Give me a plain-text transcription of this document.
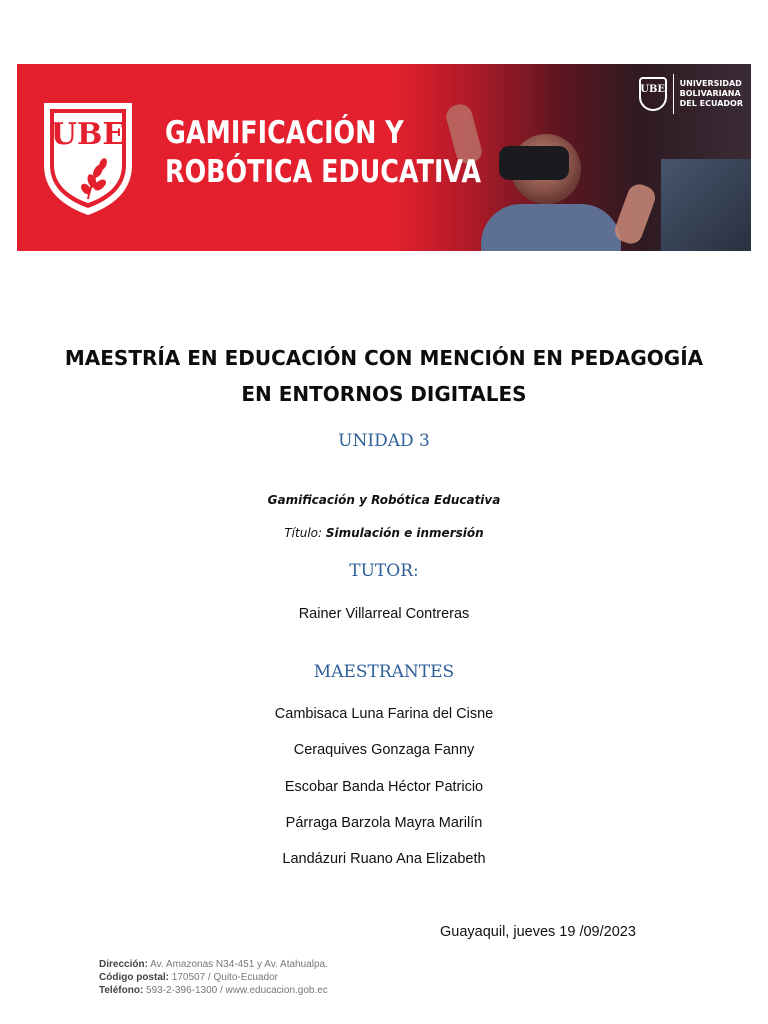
UBE	GAMIFICACIÓN Y
ROBÓTICA EDUCATIVA
UBE
UNIVERSIDAD
BOLIVARIANA
DEL ECUADOR
MAESTRÍA EN EDUCACIÓN CON MENCIÓN EN PEDAGOGÍA
EN ENTORNOS DIGITALES
UNIDAD 3
Gamificación y Robótica Educativa
Título: Simulación e inmersión
TUTOR:
Rainer Villarreal Contreras
MAESTRANTES
Cambisaca Luna Farina del Cisne
Ceraquives Gonzaga Fanny
Escobar Banda Héctor Patricio
Párraga Barzola Mayra Marilín
Landázuri Ruano Ana Elizabeth
Guayaquil, jueves 19 /09/2023
Dirección: Av. Amazonas N34-451 y Av. Atahualpa.
Código postal: 170507 / Quito-Ecuador
Teléfono: 593-2-396-1300 / www.educacion.gob.ec
